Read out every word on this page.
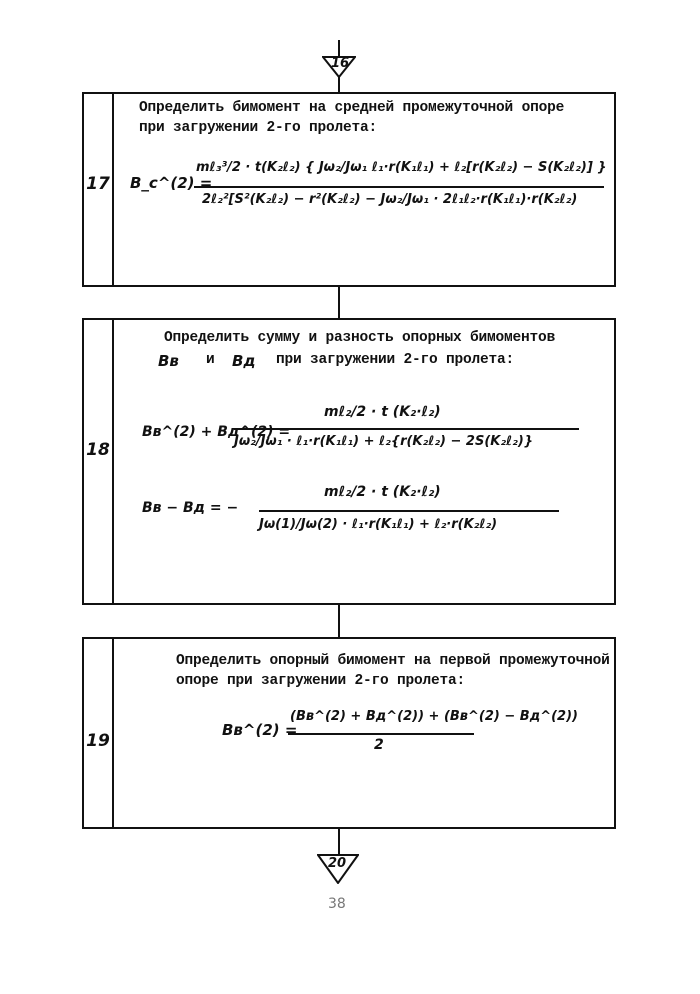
16
17
Определить бимомент на средней промежуточной опоре
при загружении 2-го пролета:
B_c^(2) =
mℓ₃³/2 · t(K₂ℓ₂) { Jω₂/Jω₁ ℓ₁·r(K₁ℓ₁) + ℓ₂[r(K₂ℓ₂) − S(K₂ℓ₂)] }
2ℓ₂²[S²(K₂ℓ₂) − r²(K₂ℓ₂) − Jω₂/Jω₁ · 2ℓ₁ℓ₂·r(K₁ℓ₁)·r(K₂ℓ₂)
18
Определить сумму и разность опорных бимоментов
Bв и Bд при загружении 2-го пролета:
Bв^(2) + Bд^(2) =
mℓ₂/2 · t (K₂·ℓ₂)
Jω₂/Jω₁ · ℓ₁·r(K₁ℓ₁) + ℓ₂{r(K₂ℓ₂) − 2S(K₂ℓ₂)}
Bв − Bд = −
mℓ₂/2 · t (K₂·ℓ₂)
Jω(1)/Jω(2) · ℓ₁·r(K₁ℓ₁) + ℓ₂·r(K₂ℓ₂)
19
Определить опорный бимомент на первой промежуточной
опоре при загружении 2-го пролета:
Bв^(2) =
(Bв^(2) + Bд^(2)) + (Bв^(2) − Bд^(2))
2
20
38
